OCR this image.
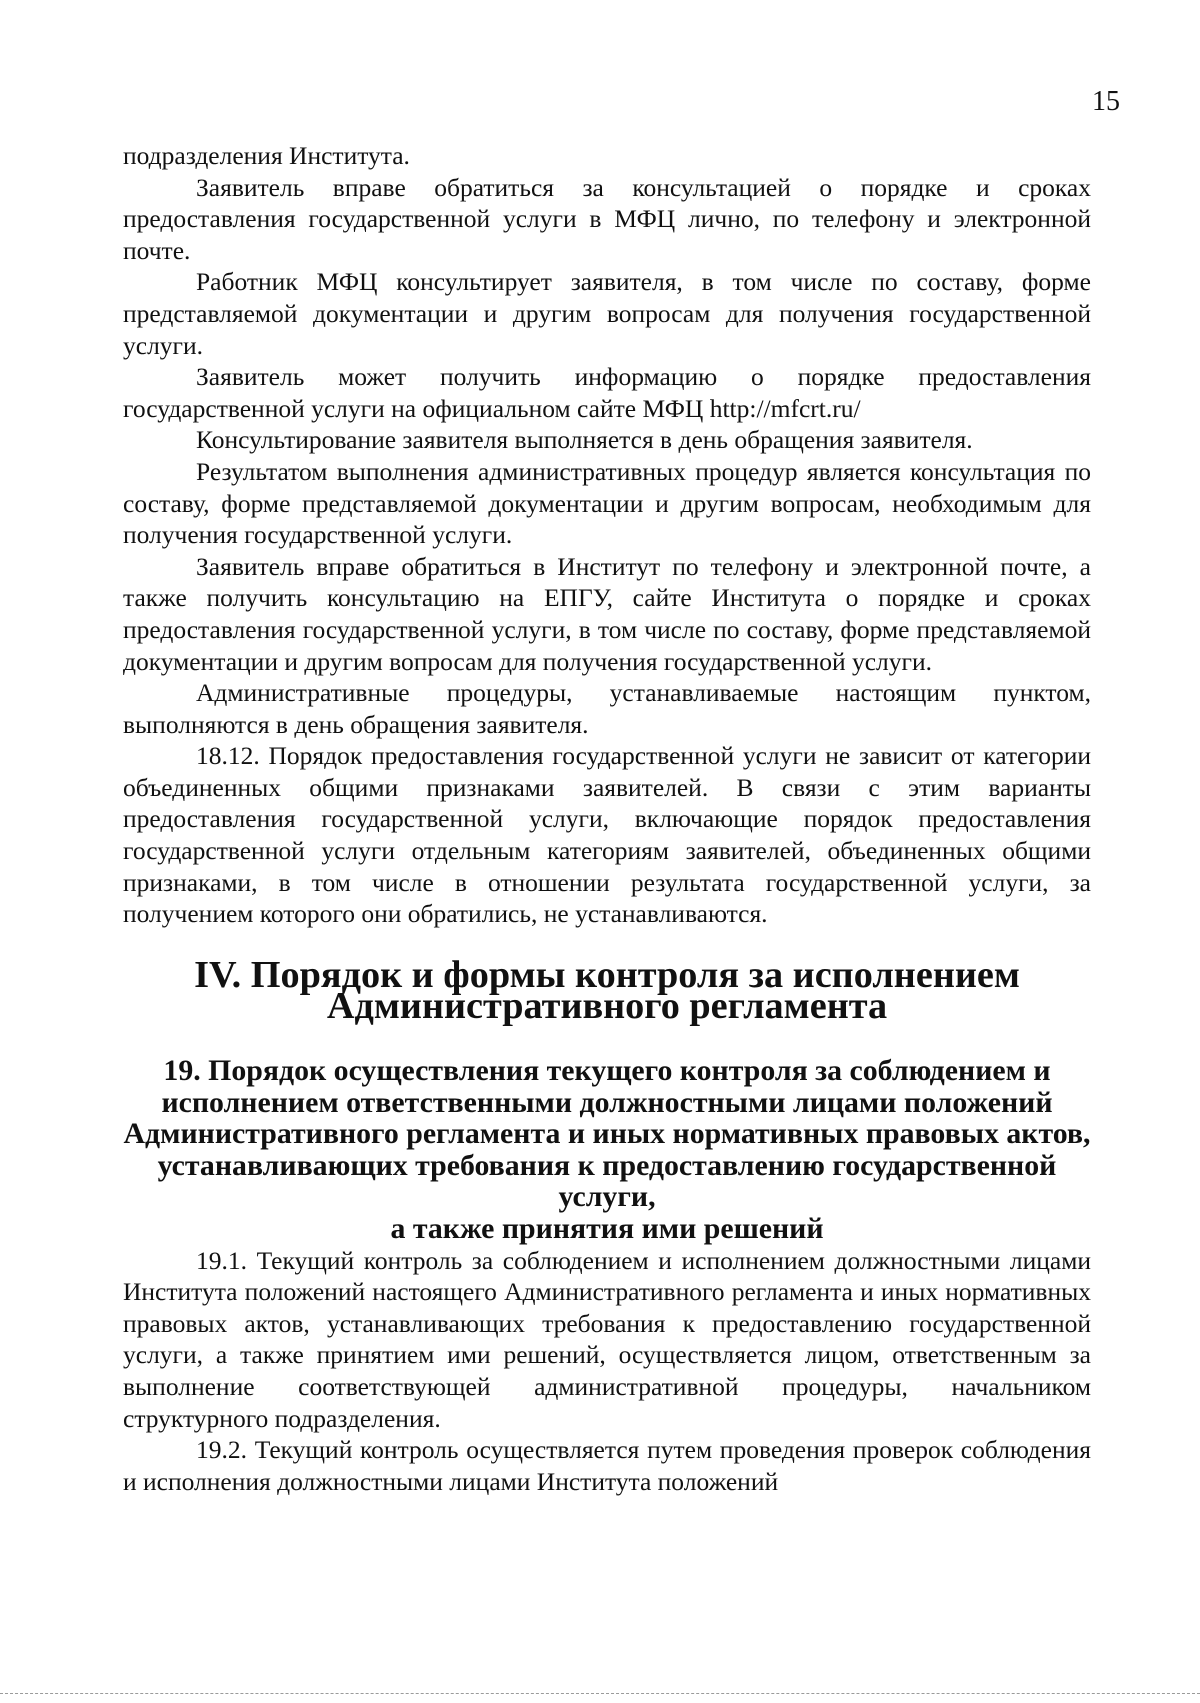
15

подразделения Института.

Заявитель вправе обратиться за консультацией о порядке и сроках предоставления государственной услуги в МФЦ лично, по телефону и электронной почте.

Работник МФЦ консультирует заявителя, в том числе по составу, форме представляемой документации и другим вопросам для получения государственной услуги.

Заявитель может получить информацию о порядке предоставления государственной услуги на официальном сайте МФЦ http://mfcrt.ru/

Консультирование заявителя выполняется в день обращения заявителя.

Результатом выполнения административных процедур является консультация по составу, форме представляемой документации и другим вопросам, необходимым для получения государственной услуги.

Заявитель вправе обратиться в Институт по телефону и электронной почте, а также получить консультацию на ЕПГУ, сайте Института о порядке и сроках предоставления государственной услуги, в том числе по составу, форме представляемой документации и другим вопросам для получения государственной услуги.

Административные процедуры, устанавливаемые настоящим пунктом, выполняются в день обращения заявителя.

18.12. Порядок предоставления государственной услуги не зависит от категории объединенных общими признаками заявителей. В связи с этим варианты предоставления государственной услуги, включающие порядок предоставления государственной услуги отдельным категориям заявителей, объединенных общими признаками, в том числе в отношении результата государственной услуги, за получением которого они обратились, не устанавливаются.

IV. Порядок и формы контроля за исполнением
Административного регламента
19. Порядок осуществления текущего контроля за соблюдением и
исполнением ответственными должностными лицами положений
Административного регламента и иных нормативных правовых актов,
устанавливающих требования к предоставлению государственной услуги,
а также принятия ими решений

19.1. Текущий контроль за соблюдением и исполнением должностными лицами Института положений настоящего Административного регламента и иных нормативных правовых актов, устанавливающих требования к предоставлению государственной услуги, а также принятием ими решений, осуществляется лицом, ответственным за выполнение соответствующей административной процедуры, начальником структурного подразделения.

19.2. Текущий контроль осуществляется путем проведения проверок соблюдения и исполнения должностными лицами Института положений
